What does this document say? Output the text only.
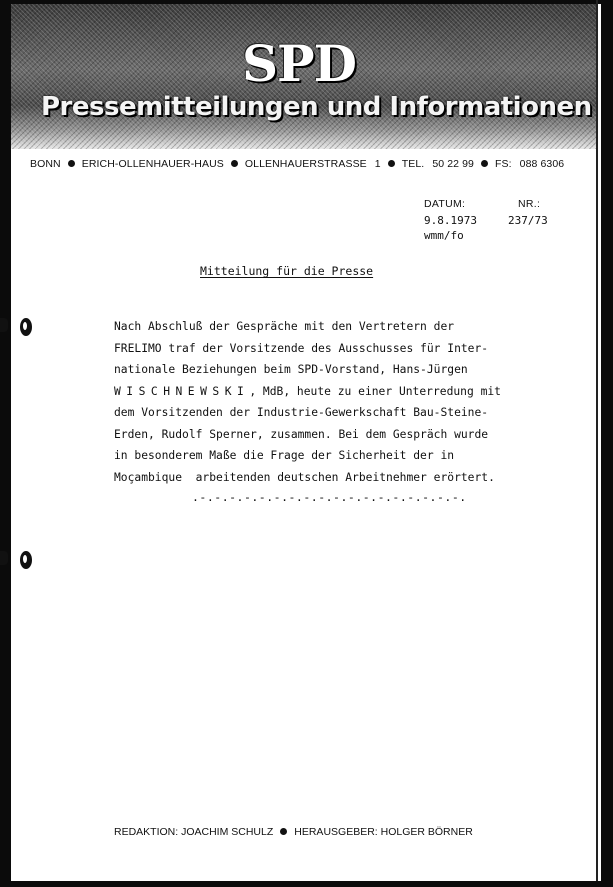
SPD
Pressemitteilungen und Informationen
BONN ERICH-OLLENHAUER-HAUS OLLENHAUERSTRASSE 1 TEL. 50 22 99 FS: 088 6306
DATUM:	NR.:
9.8.1973	237/73
wmm/fo
Mitteilung für die Presse
Nach Abschluß der Gespräche mit den Vertretern der
FRELIMO traf der Vorsitzende des Ausschusses für Inter-
nationale Beziehungen beim SPD-Vorstand, Hans-Jürgen
WISCHNEWSKI, MdB, heute zu einer Unterredung mit
dem Vorsitzenden der Industrie-Gewerkschaft Bau-Steine-
Erden, Rudolf Sperner, zusammen. Bei dem Gespräch wurde
in besonderem Maße die Frage der Sicherheit der in
Moçambique  arbeitenden deutschen Arbeitnehmer erörtert.
.-.-.-.-.-.-.-.-.-.-.-.-.-.-.-.-.-.-.
REDAKTION: JOACHIM SCHULZ HERAUSGEBER: HOLGER BÖRNER
